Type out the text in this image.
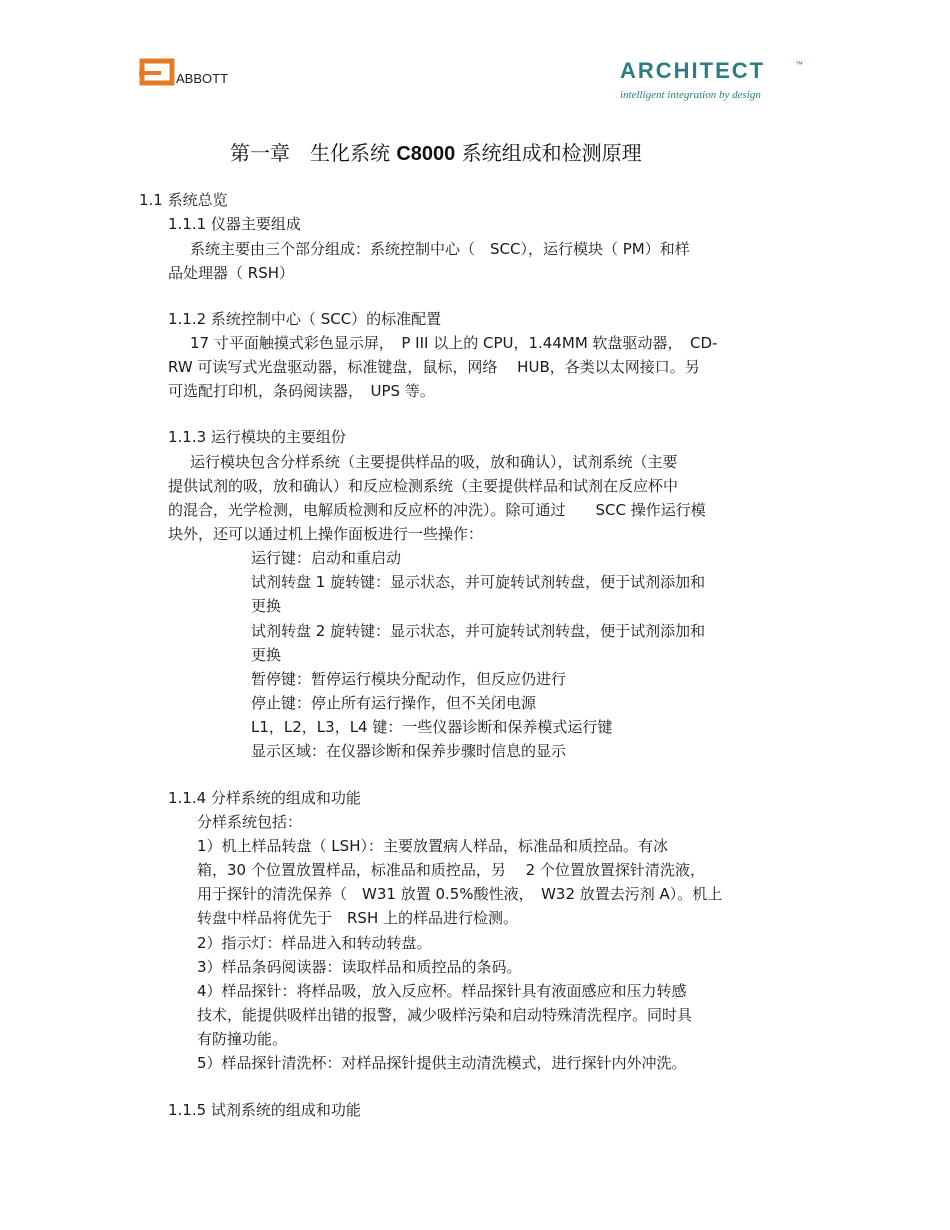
ABBOTT	ARCHITECT	™
intelligent integration by design
第一章　生化系统 C8000 系统组成和检测原理
1.1 系统总览
1.1.1 仪器主要组成
系统主要由三个部分组成：系统控制中心（　SCC），运行模块（ PM）和样
品处理器（ RSH）
1.1.2 系统控制中心（ SCC）的标准配置
17 寸平面触摸式彩色显示屏，　P III 以上的 CPU，1.44MM 软盘驱动器，　CD-
RW 可读写式光盘驱动器，标准键盘，鼠标，网络　 HUB，各类以太网接口。另
可选配打印机，条码阅读器，　UPS 等。
1.1.3 运行模块的主要组份
运行模块包含分样系统（主要提供样品的吸，放和确认），试剂系统（主要
提供试剂的吸，放和确认）和反应检测系统（主要提供样品和试剂在反应杯中
的混合，光学检测，电解质检测和反应杯的冲洗）。除可通过　　SCC 操作运行模
块外，还可以通过机上操作面板进行一些操作：
运行键：启动和重启动
试剂转盘 1 旋转键：显示状态，并可旋转试剂转盘，便于试剂添加和
更换
试剂转盘 2 旋转键：显示状态，并可旋转试剂转盘，便于试剂添加和
更换
暂停键：暂停运行模块分配动作，但反应仍进行
停止键：停止所有运行操作，但不关闭电源
L1，L2，L3，L4 键：一些仪器诊断和保养模式运行键
显示区域：在仪器诊断和保养步骤时信息的显示
1.1.4 分样系统的组成和功能
分样系统包括：
1）机上样品转盘（ LSH）：主要放置病人样品，标准品和质控品。有冰
箱，30 个位置放置样品，标准品和质控品，另　 2 个位置放置探针清洗液，
用于探针的清洗保养（　W31 放置 0.5%酸性液，　W32 放置去污剂 A）。机上
转盘中样品将优先于　RSH 上的样品进行检测。
2）指示灯：样品进入和转动转盘。
3）样品条码阅读器：读取样品和质控品的条码。
4）样品探针：将样品吸，放入反应杯。样品探针具有液面感应和压力转感
技术，能提供吸样出错的报警，减少吸样污染和启动特殊清洗程序。同时具
有防撞功能。
5）样品探针清洗杯：对样品探针提供主动清洗模式，进行探针内外冲洗。
1.1.5 试剂系统的组成和功能
